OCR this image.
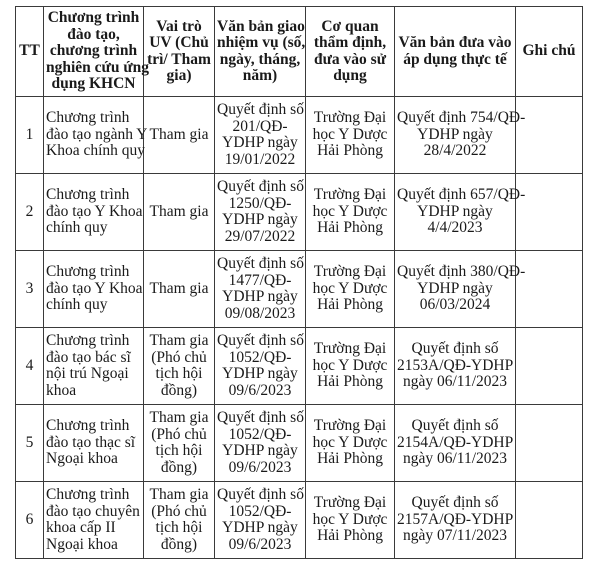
TT	Chương trình
đào tạo,
chương trình
nghiên cứu ứng
dụng KHCN	Vai trò
UV (Chủ
trì/ Tham
gia)	Văn bản giao
nhiệm vụ (số,
ngày, tháng,
năm)	Cơ quan
thẩm định,
đưa vào sử
dụng	Văn bản đưa vào
áp dụng thực tế	Ghi chú
1	Chương trình
đào tạo ngành Y
Khoa chính quy	Tham gia	Quyết định số
201/QĐ-
YDHP ngày
19/01/2022	Trường Đại
học Y Dược
Hải Phòng	Quyết định 754/QĐ-
YDHP ngày
28/4/2022	

2	Chương trình
đào tạo Y Khoa
chính quy	Tham gia	Quyết định số
1250/QĐ-
YDHP ngày
29/07/2022	Trường Đại
học Y Dược
Hải Phòng	Quyết định 657/QĐ-
YDHP ngày
4/4/2023	

3	Chương trình
đào tạo Y Khoa
chính quy	Tham gia	Quyết định số
1477/QĐ-
YDHP ngày
09/08/2023	Trường Đại
học Y Dược
Hải Phòng	Quyết định 380/QĐ-
YDHP ngày
06/03/2024	

4	Chương trình
đào tạo bác sĩ
nội trú Ngoại
khoa	Tham gia
(Phó chủ
tịch hội
đồng)	Quyết định số
1052/QĐ-
YDHP ngày
09/6/2023	Trường Đại
học Y Dược
Hải Phòng	Quyết định số
2153A/QĐ-YDHP
ngày 06/11/2023	

5	Chương trình
đào tạo thạc sĩ
Ngoại khoa	Tham gia
(Phó chủ
tịch hội
đồng)	Quyết định số
1052/QĐ-
YDHP ngày
09/6/2023	Trường Đại
học Y Dược
Hải Phòng	Quyết định số
2154A/QĐ-YDHP
ngày 06/11/2023	

6	Chương trình
đào tạo chuyên
khoa cấp II
Ngoại khoa	Tham gia
(Phó chủ
tịch hội
đồng)	Quyết định số
1052/QĐ-
YDHP ngày
09/6/2023	Trường Đại
học Y Dược
Hải Phòng	Quyết định số
2157A/QĐ-YDHP
ngày 07/11/2023	
